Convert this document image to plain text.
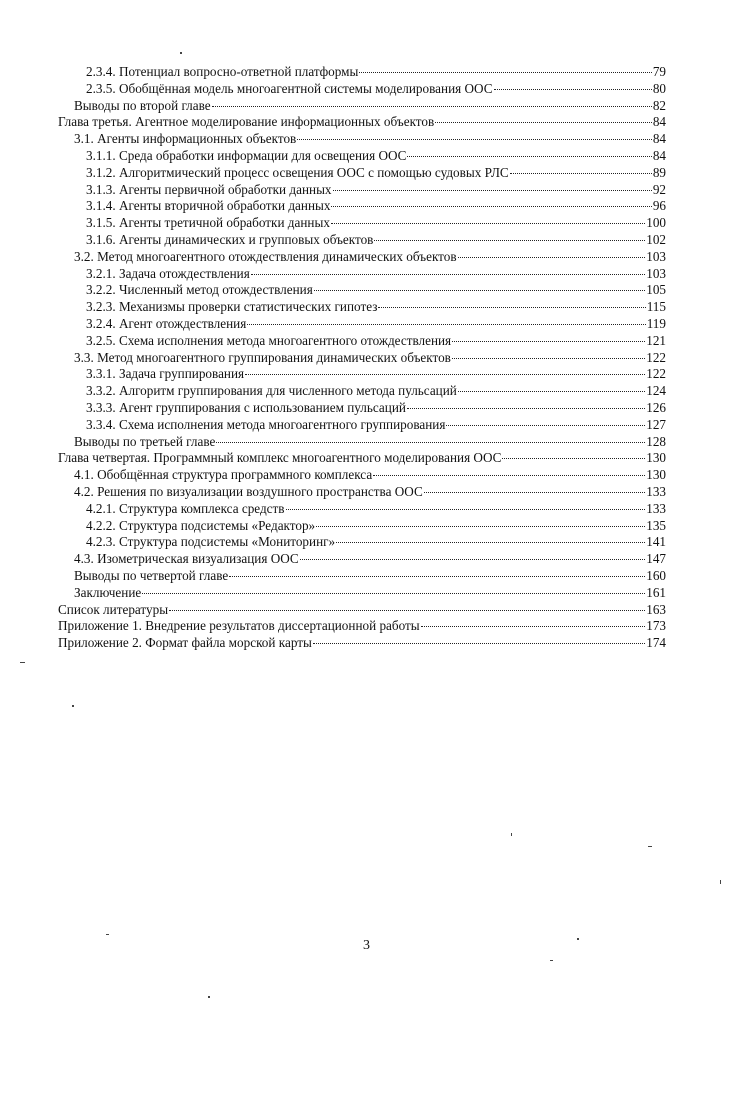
2.3.4. Потенциал вопросно-ответной платформы	79
2.3.5. Обобщённая модель многоагентной системы моделирования ООС	80
Выводы по второй главе	82
Глава третья. Агентное моделирование информационных объектов	84
3.1. Агенты информационных объектов	84
3.1.1. Среда обработки информации для освещения ООС	84
3.1.2. Алгоритмический процесс освещения ООС с помощью судовых РЛС	89
3.1.3. Агенты первичной обработки данных	92
3.1.4. Агенты вторичной обработки данных	96
3.1.5. Агенты третичной обработки данных	100
3.1.6. Агенты динамических и групповых объектов	102
3.2. Метод многоагентного отождествления динамических объектов	103
3.2.1. Задача отождествления	103
3.2.2. Численный метод отождествления	105
3.2.3. Механизмы проверки статистических гипотез	115
3.2.4. Агент отождествления	119
3.2.5. Схема исполнения метода многоагентного отождествления	121
3.3. Метод многоагентного группирования динамических объектов	122
3.3.1. Задача группирования	122
3.3.2. Алгоритм группирования для численного метода пульсаций	124
3.3.3. Агент группирования с использованием пульсаций	126
3.3.4. Схема исполнения метода многоагентного группирования	127
Выводы по третьей главе	128
Глава четвертая. Программный комплекс многоагентного моделирования ООС	130
4.1. Обобщённая структура программного комплекса	130
4.2. Решения по визуализации воздушного пространства ООС	133
4.2.1. Структура комплекса средств	133
4.2.2. Структура подсистемы «Редактор»	135
4.2.3. Структура подсистемы «Мониторинг»	141
4.3. Изометрическая визуализация ООС	147
Выводы по четвертой главе	160
Заключение	161
Список литературы	163
Приложение 1. Внедрение результатов диссертационной работы	173
Приложение 2. Формат файла морской карты	174
3
